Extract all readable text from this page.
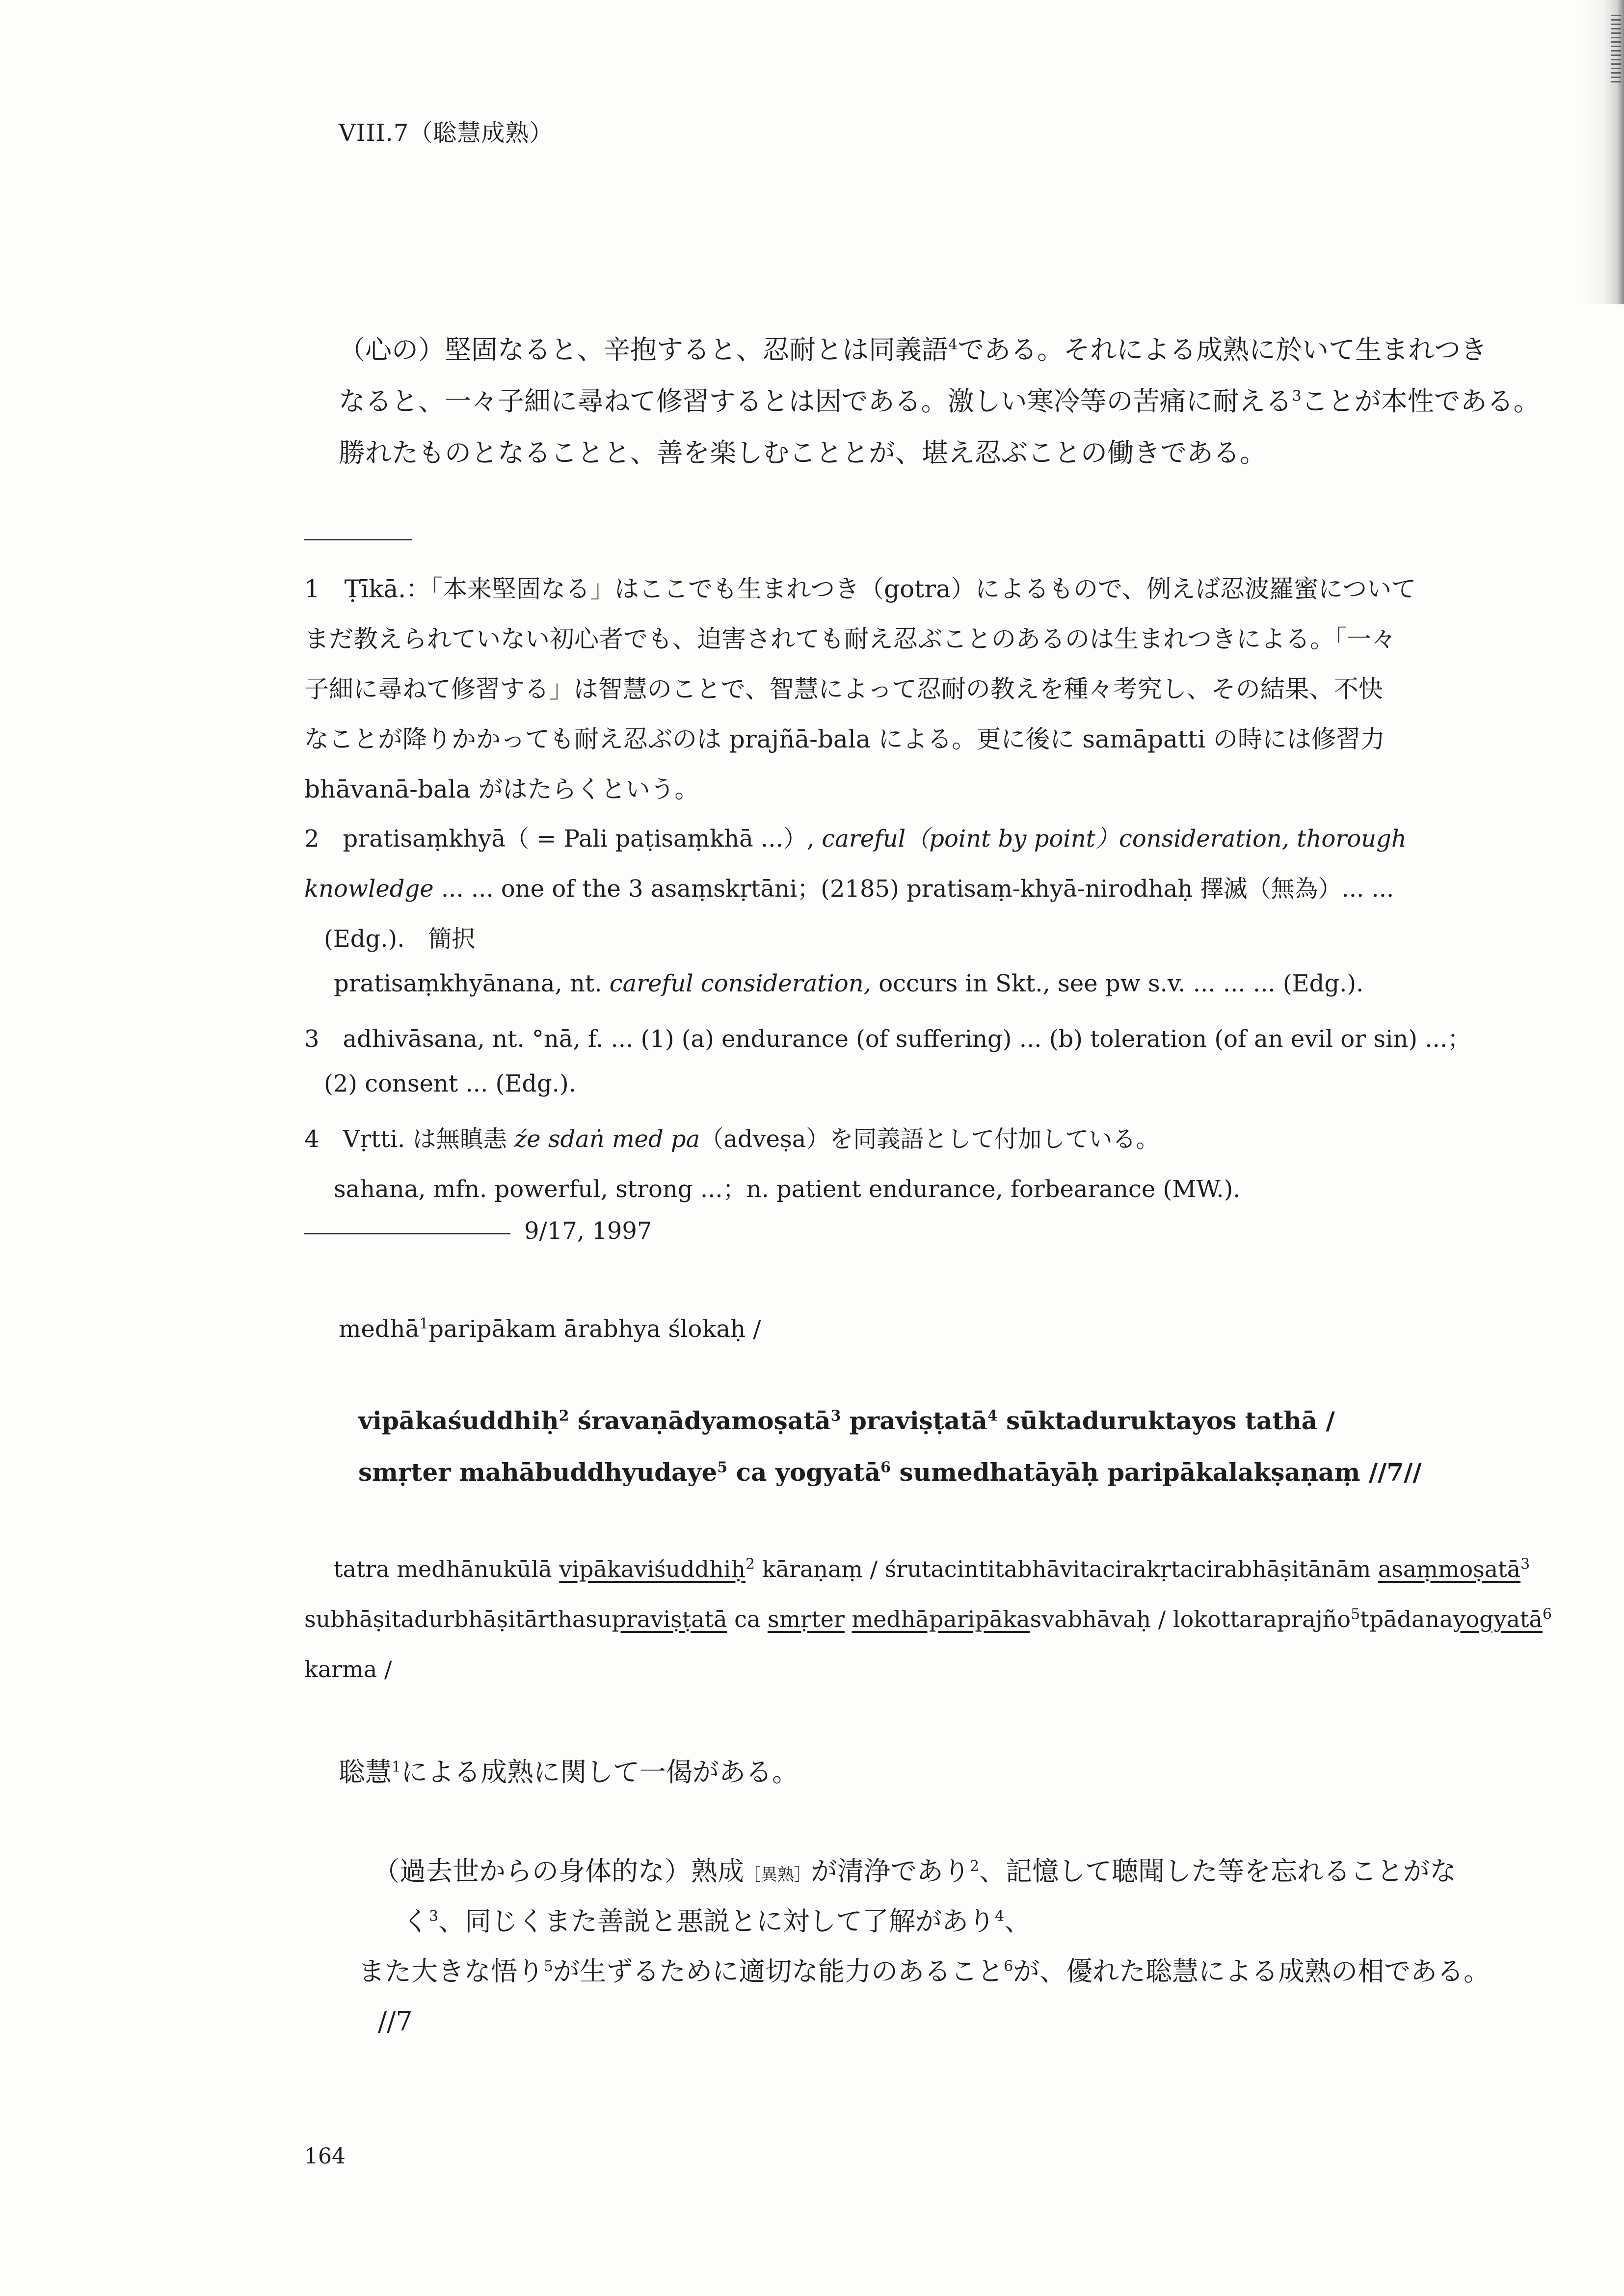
VIII.7（聡慧成熟）
（心の）堅固なると、辛抱すると、忍耐とは同義語$^4$である。それによる成熟に於いて生まれつき
なると、一々子細に尋ねて修習するとは因である。激しい寒冷等の苦痛に耐える$^3$ことが本性である。
勝れたものとなることと、善を楽しむこととが、堪え忍ぶことの働きである。
1　Ṭīkā.：「本来堅固なる」はここでも生まれつき（gotra）によるもので、例えば忍波羅蜜について
まだ教えられていない初心者でも、迫害されても耐え忍ぶことのあるのは生まれつきによる。「一々
子細に尋ねて修習する」は智慧のことで、智慧によって忍耐の教えを種々考究し、その結果、不快
なことが降りかかっても耐え忍ぶのは prajñā-bala による。更に後に samāpatti の時には修習力
bhāvanā-bala がはたらくという。
2　pratisaṃkhyā（ = Pali paṭisaṃkhā ...）, careful（point by point）consideration, thorough
knowledge ... ... one of the 3 asaṃskṛtāni；(2185) pratisaṃ-khyā-nirodhaḥ 擇滅（無為）... ...
(Edg.).　簡択
pratisaṃkhyānana, nt. careful consideration, occurs in Skt., see pw s.v. ... ... ... (Edg.).
3　adhivāsana, nt. °nā, f. ... (1) (a) endurance (of suffering) ... (b) toleration (of an evil or sin) ...；
(2) consent ... (Edg.).
4　Vṛtti. は無瞋恚 źe sdaṅ med pa（adveṣa）を同義語として付加している。
sahana, mfn. powerful, strong ...；n. patient endurance, forbearance (MW.).
9/17, 1997
medhā$^1$paripākam ārabhya ślokaḥ /
vipākaśuddhiḥ$^2$ śravaṇādyamoṣatā$^3$ praviṣṭatā$^4$ sūktaduruktayos tathā /
smṛter mahābuddhyudaye$^5$ ca yogyatā$^6$ sumedhatāyāḥ paripākalakṣaṇaṃ //7//
tatra medhānukūlā vipākaviśuddhiḥ$^2$ kāraṇaṃ / śrutacintitabhāvitacirakṛtacirabhāṣitānām asaṃmoṣatā$^3$
subhāṣitadurbhāṣitārthasupraviṣṭatā ca smṛter medhāparipākasvabhāvaḥ / lokottaraprajño$^5$tpādanayogyatā$^6$
karma /
聡慧$^1$による成熟に関して一偈がある。
（過去世からの身体的な）熟成［異熟］が清浄であり$^2$、記憶して聴聞した等を忘れることがな
く$^3$、同じくまた善説と悪説とに対して了解があり$^4$、
また大きな悟り$^5$が生ずるために適切な能力のあること$^6$が、優れた聡慧による成熟の相である。
//7
164
